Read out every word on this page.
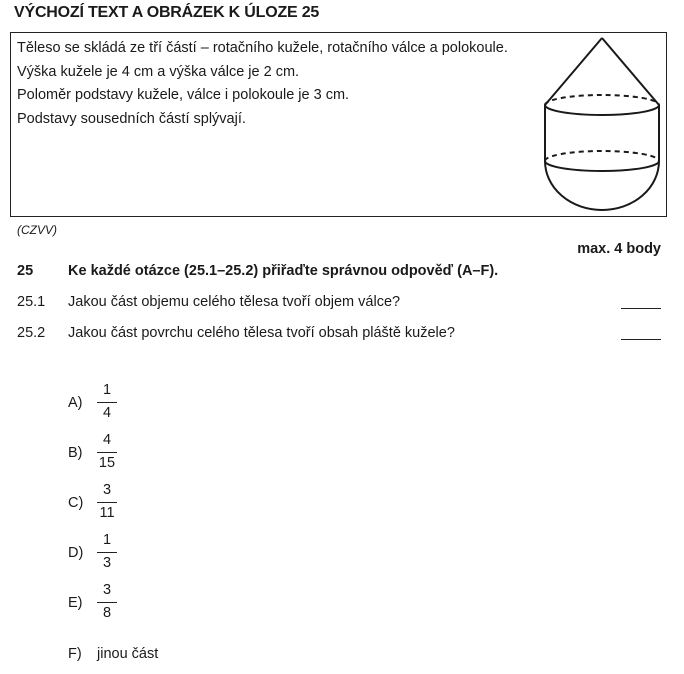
VÝCHOZÍ TEXT A OBRÁZEK K ÚLOZE 25
Těleso se skládá ze tří částí – rotačního kužele, rotačního válce a polokoule.
Výška kužele je 4 cm a výška válce je 2 cm.
Poloměr podstavy kužele, válce i polokoule je 3 cm.
Podstavy sousedních částí splývají.
(CZVV)
max. 4 body
25 Ke každé otázce (25.1–25.2) přiřaďte správnou odpověď (A–F).
25.1 Jakou část objemu celého tělesa tvoří objem válce?
25.2 Jakou část povrchu celého tělesa tvoří obsah pláště kužele?
A)
1
4
B)
4
15
C)
3
11
D)
1
3
E)
3
8
F) jinou část
